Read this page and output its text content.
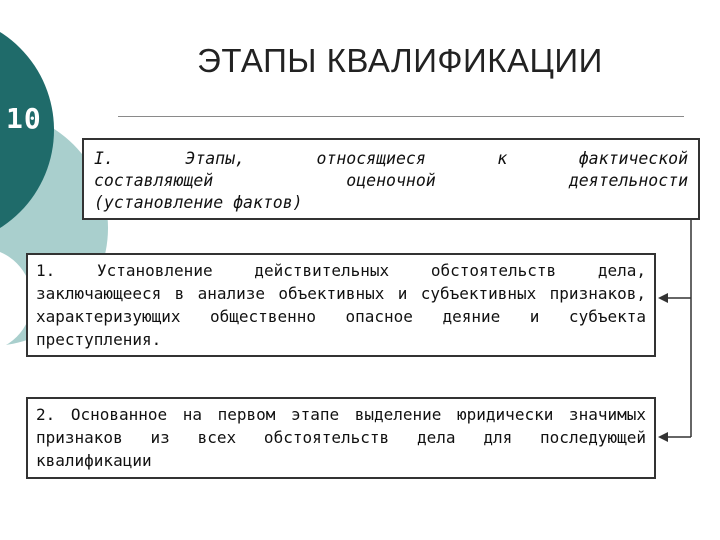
10
ЭТАПЫ КВАЛИФИКАЦИИ
I. Этапы, относящиеся к фактической
составляющей оценочной деятельности
(установление фактов)
1. Установление действительных обстоятельств дела, заключающееся в анализе объективных и субъективных признаков, характеризующих общественно опасное деяние и субъекта преступления.
2. Основанное на первом этапе выделение юридически значимых признаков из всех обстоятельств дела для последующей квалификации
